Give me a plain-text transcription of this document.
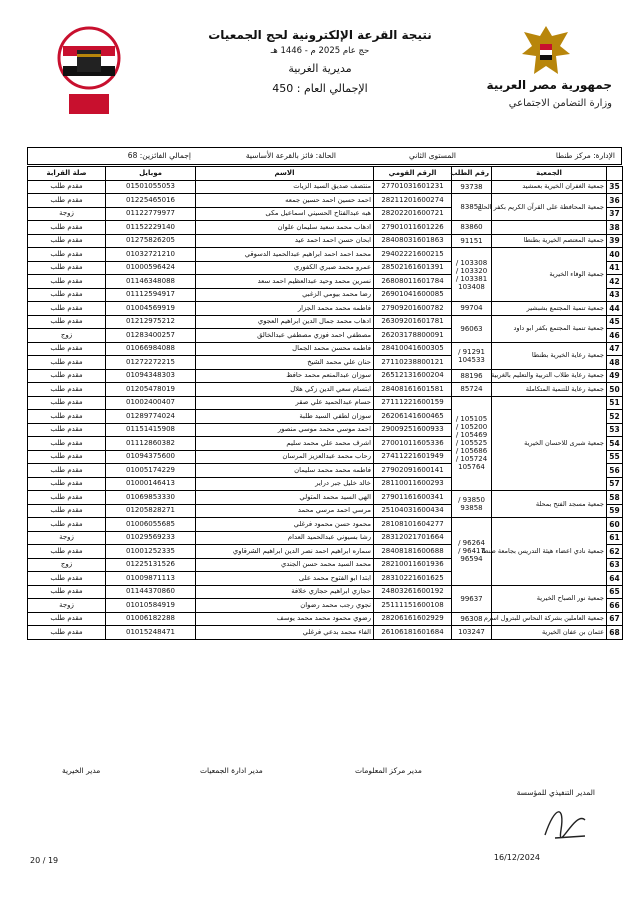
جمهورية مصر العربية
وزارة التضامن الاجتماعي
نتيجة القرعة الإلكترونية لحج الجمعيات
حج عام 2025 م - 1446 هـ
مديرية الغربية
الإجمالي العام : 450
الإدارة: مركز طنطا
المستوى الثاني
الحالة: فائز بالقرعة الأساسية
إجمالي الفائزين: 68
	الجمعية	رقم الطلب	الرقم القومي	الاسم	موبايل	صلة القرابة
35	جمعية الغفران الخيرية بعمشيد	93738	27701031601231	منتصف صديق السيد الزيات	01501055053	مقدم طلب
36	جمعية المحافظة على القرآن الكريم بكفر الحاج	83851	28211201600274	احمد حسين احمد حسين جمعه	01225465016	مقدم طلب
37			28202201600721	هبه عبدالفتاح الحسيني اسماعيل مكى	01122779977	زوجة
38		83860	27901011601226	ادهاب محمد سعيد سليمان علوان	01152229140	مقدم طلب
39	جمعية المعتصم الخيرية بطنطا	91151	28408031601863	ابحان حسن احمد احمد عيد	01275826205	مقدم طلب
40	جمعية الوفاء الخيرية	103308 / 103320 / 103381 / 103408	29402221600215	محمد احمد احمد ابراهيم عبدالحميد الدسوقي	01032721210	مقدم طلب
41			28502161601391	عمرو محمد صبري الكفوري	01000596424	مقدم طلب
42			26808011601784	نسرين محمد وحيد عبدالعظيم احمد سعد	01146348088	مقدم طلب
43			26901041600085	رضا محمد بيومي الزغبي	01112594917	مقدم طلب
44	جمعية تنمية المجتمع بشبشير	99704	27909201600782	فاطمه محمد محمد الجزار	01004569919	مقدم طلب
45	جمعية تنمية المجتمع بكفر ابو داود	96063	26309201601781	ادهاب محمد جمال الدين ابراهيم العجوي	01212975212	مقدم طلب
46			26203178800091	مصطفي احمد فوزي مصطفي عبدالخالق	01283400257	زوج
47	جمعية رعاية الخيرية بطنطا	91291 / 104533	28410041600305	فاطمه محسن محمد الجمال	01066984088	مقدم طلب
48			27110238800121	حنان علي محمد الشيخ	01272272215	مقدم طلب
49	جمعية رعاية طلاب التربية والتعليم بالغربية	88196	26512131600204	سوزان عبدالمنعم محمد حافظ	01094348303	مقدم طلب
50	جمعية رعاية للتنمية المتكاملة	85724	28408161601581	ابتسام سعي الدين زكي هلال	01205478019	مقدم طلب
51	جمعية شبرى للاحسان الخيرية	105105 / 105200 / 105469 / 105525 / 105686 / 105724 / 105764	27111221600159	حسام عبدالحميد علي صقر	01002400407	مقدم طلب
52			26206141600465	سوزان لطفي السيد طلبة	01289774024	مقدم طلب
53			29009251600933	احمد موسي محمد موسي منصور	01151415908	مقدم طلب
54			27001011605336	اشرف محمد علي محمد سليم	01112860382	مقدم طلب
55			27411221601949	رحاب محمد عبدالعزيز المرسان	01094375600	مقدم طلب
56			27902091600141	فاطمه محمد محمد سليمان	01005174229	مقدم طلب
57			28110011600293	خالد خليل جبر دراير	01000146413	مقدم طلب
58	جمعية مسجد الفتح بمحلة	93850 / 93858	27901161600341	الهي السيد محمد المتولي	01069853330	مقدم طلب
59			25104031600434	مرسي احمد مرسي محمد	01205828271	مقدم طلب
60	جمعية نادي اعضاء هيئة التدريس بجامعة طنطا	96264 / 96417 / 96594	28108101604277	محمود حسن محمود فرغلي	01006055685	مقدم طلب
61			28312021701664	رشا بسيوني عبدالحميد العدام	01029569233	زوجة
62			28408181600688	سماره ابراهيم احمد نصر الدين ابراهيم الشرقاوي	01001252335	مقدم طلب
63			28210011601936	محمد السيد محمد حسن الجندي	01225131526	زوج
64			28310221601625	ابتدا ابو الفتوح محمد على	01009871113	مقدم طلب
65	جمعية نور الصباح الخيرية	99637	24803261600192	حجازي ابراهيم حجازي خلافة	01144370860	مقدم طلب
66			25111151600108	نجوي رجب محمد رضوان	01010584919	زوجة
67	جمعية العاملين بشركة النحاس للبترول اسرم	96308	28206161602929	رضوي محمود محمد محمد يوسف	01006182288	مقدم طلب
68	عثمان بن عفان الخيرية	103247	26106181601684	الفاء محمد بدعي فرغلي	01015248471	مقدم طلب
مدير الخيرية	مدير ادارة الجمعيات	مدير مركز المعلومات
المدير التنفيذي للمؤسسة
19 / 20	16/12/2024
